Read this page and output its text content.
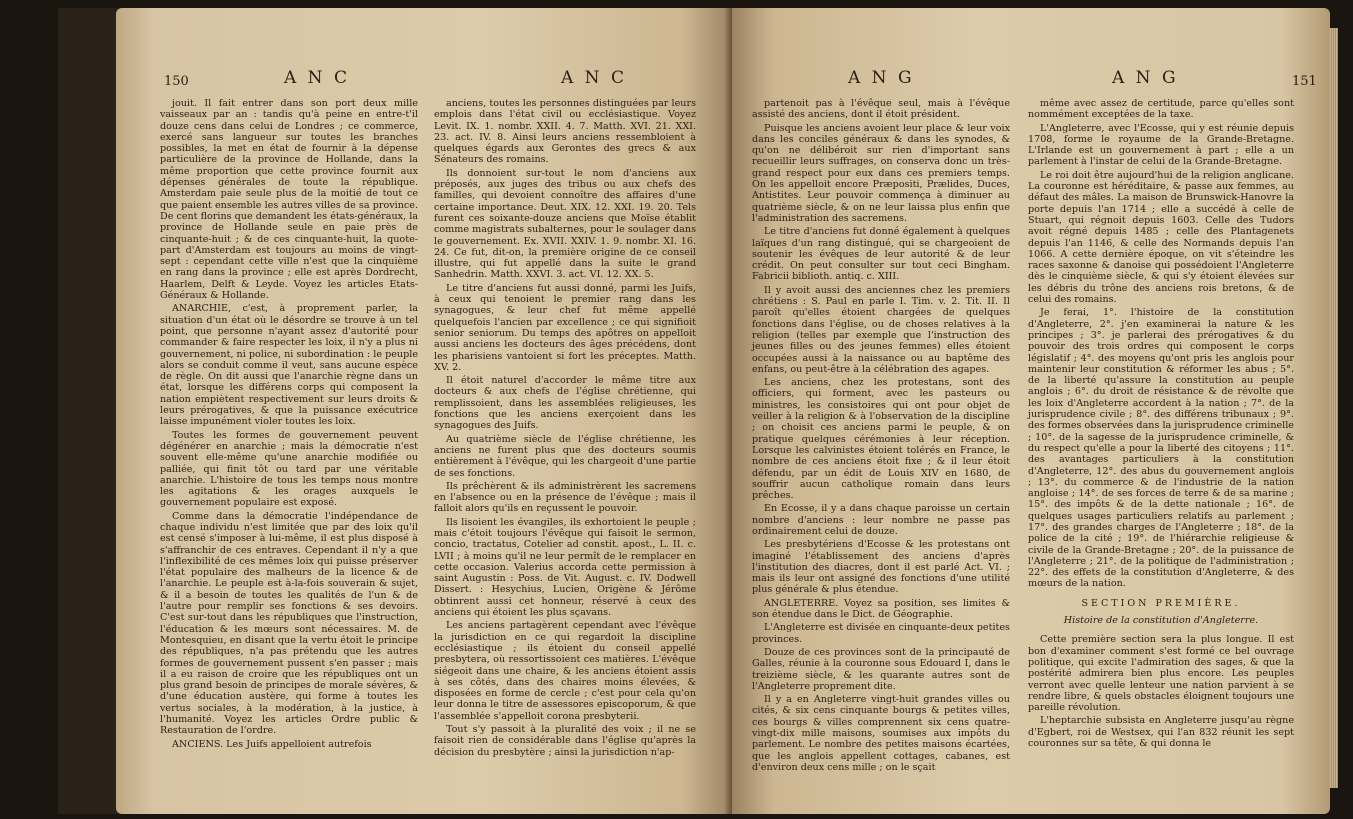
150	A N C	A N C

jouit. Il fait entrer dans son port deux mille vaisseaux par an : tandis qu'à peine en entre-t'il douze cens dans celui de Londres ; ce commerce, exercé sans langueur sur toutes les branches possibles, la met en état de fournir à la dépense particulière de la province de Hollande, dans la même proportion que cette province fournit aux dépenses générales de toute la république. Amsterdam paie seule plus de la moitié de tout ce que paient ensemble les autres villes de sa province. De cent florins que demandent les états-généraux, la province de Hollande seule en paie près de cinquante-huit ; & de ces cinquante-huit, la quote-part d'Amsterdam est toujours au moins de vingt-sept : cependant cette ville n'est que la cinquième en rang dans la province ; elle est après Dordrecht, Haarlem, Delft & Leyde. Voyez les articles Etats-Généraux & Hollande.

ANARCHIE, c'est, à proprement parler, la situation d'un état où le désordre se trouve à un tel point, que personne n'ayant assez d'autorité pour commander & faire respecter les loix, il n'y a plus ni gouvernement, ni police, ni subordination : le peuple alors se conduit comme il veut, sans aucune espèce de règle. On dit aussi que l'anarchie règne dans un état, lorsque les différens corps qui composent la nation empiètent respectivement sur leurs droits & leurs prérogatives, & que la puissance exécutrice laisse impunément violer toutes les loix.

Toutes les formes de gouvernement peuvent dégénérer en anarchie ; mais la démocratie n'est souvent elle-même qu'une anarchie modifiée ou palliée, qui finit tôt ou tard par une véritable anarchie. L'histoire de tous les temps nous montre les agitations & les orages auxquels le gouvernement populaire est exposé.

Comme dans la démocratie l'indépendance de chaque individu n'est limitée que par des loix qu'il est censé s'imposer à lui-même, il est plus disposé à s'affranchir de ces entraves. Cependant il n'y a que l'inflexibilité de ces mêmes loix qui puisse préserver l'état populaire des malheurs de la licence & de l'anarchie. Le peuple est à-la-fois souverain & sujet, & il a besoin de toutes les qualités de l'un & de l'autre pour remplir ses fonctions & ses devoirs. C'est sur-tout dans les républiques que l'instruction, l'éducation & les mœurs sont nécessaires. M. de Montesquieu, en disant que la vertu étoit le principe des républiques, n'a pas prétendu que les autres formes de gouvernement pussent s'en passer ; mais il a eu raison de croire que les républiques ont un plus grand besoin de principes de morale sévères, & d'une éducation austère, qui forme à toutes les vertus sociales, à la modération, à la justice, à l'humanité. Voyez les articles Ordre public & Restauration de l'ordre.

ANCIENS. Les Juifs appelloient autrefois

anciens, toutes les personnes distinguées par leurs emplois dans l'état civil ou ecclésiastique. Voyez Levit. IX. 1. nombr. XXII. 4. 7. Matth. XVI. 21. XXI. 23. act. IV. 8. Ainsi leurs anciens ressembloient à quelques égards aux Gerontes des grecs & aux Sénateurs des romains.

Ils donnoient sur-tout le nom d'anciens aux préposés, aux juges des tribus ou aux chefs des familles, qui devoient connoître des affaires d'une certaine importance. Deut. XIX. 12. XXI. 19. 20. Tels furent ces soixante-douze anciens que Moïse établit comme magistrats subalternes, pour le soulager dans le gouvernement. Ex. XVII. XXIV. 1. 9. nombr. XI. 16. 24. Ce fut, dit-on, la première origine de ce conseil illustre, qui fut appellé dans la suite le grand Sanhedrin. Matth. XXVI. 3. act. VI. 12. XX. 5.

Le titre d'anciens fut aussi donné, parmi les Juifs, à ceux qui tenoient le premier rang dans les synagogues, & leur chef fut même appellé quelquefois l'ancien par excellence ; ce qui signifioit senior seniorum. Du temps des apôtres on appelloit aussi anciens les docteurs des âges précédens, dont les pharisiens vantoient si fort les préceptes. Matth. XV. 2.

Il étoit naturel d'accorder le même titre aux docteurs & aux chefs de l'église chrétienne, qui remplissoient, dans les assemblées religieuses, les fonctions que les anciens exerçoient dans les synagogues des Juifs.

Au quatrième siècle de l'église chrétienne, les anciens ne furent plus que des docteurs soumis entièrement à l'évêque, qui les chargeoit d'une partie de ses fonctions.

Ils prêchèrent & ils administrèrent les sacremens en l'absence ou en la présence de l'évêque ; mais il falloit alors qu'ils en reçussent le pouvoir.

Ils lisoient les évangiles, ils exhortoient le peuple ; mais c'étoit toujours l'évêque qui faisoit le sermon, concio, tractatus, Cotelier ad constit. apost., L. II. c. LVII ; à moins qu'il ne leur permît de le remplacer en cette occasion. Valerius accorda cette permission à saint Augustin : Poss. de Vit. August. c. IV. Dodwell Dissert. : Hesychius, Lucien, Origène & Jérôme obtinrent aussi cet honneur, réservé à ceux des anciens qui étoient les plus sçavans.

Les anciens partagèrent cependant avec l'évêque la jurisdiction en ce qui regardoit la discipline ecclésiastique ; ils étoient du conseil appellé presbytera, où ressortissoient ces matières. L'évêque siégeoit dans une chaire, & les anciens étoient assis à ses côtés, dans des chaires moins élevées, & disposées en forme de cercle ; c'est pour cela qu'on leur donna le titre de assessores episcoporum, & que l'assemblée s'appelloit corona presbyterii.

Tout s'y passoit à la pluralité des voix ; il ne se faisoit rien de considérable dans l'église qu'après la décision du presbytère ; ainsi la jurisdiction n'ap-

151
A N G	A N G

partenoit pas à l'évêque seul, mais à l'évêque assisté des anciens, dont il étoit président.

Puisque les anciens avoient leur place & leur voix dans les conciles généraux & dans les synodes, & qu'on ne délibéroit sur rien d'important sans recueillir leurs suffrages, on conserva donc un très-grand respect pour eux dans ces premiers temps. On les appelloit encore Præpositi, Prælides, Duces, Antistites. Leur pouvoir commença à diminuer au quatrième siècle, & on ne leur laissa plus enfin que l'administration des sacremens.

Le titre d'anciens fut donné également à quelques laïques d'un rang distingué, qui se chargeoient de soutenir les évêques de leur autorité & de leur crédit. On peut consulter sur tout ceci Bingham. Fabricii biblioth. antiq. c. XIII.

Il y avoit aussi des anciennes chez les premiers chrétiens : S. Paul en parle I. Tim. v. 2. Tit. II. Il paroît qu'elles étoient chargées de quelques fonctions dans l'église, ou de choses relatives à la religion (telles par exemple que l'instruction des jeunes filles ou des jeunes femmes) elles étoient occupées aussi à la naissance ou au baptême des enfans, ou peut-être à la célébration des agapes.

Les anciens, chez les protestans, sont des officiers, qui forment, avec les pasteurs ou ministres, les consistoires qui ont pour objet de veiller à la religion & à l'observation de la discipline ; on choisit ces anciens parmi le peuple, & on pratique quelques cérémonies à leur réception. Lorsque les calvinistes étoient tolérés en France, le nombre de ces anciens étoit fixe ; & il leur étoit défendu, par un édit de Louis XIV en 1680, de souffrir aucun catholique romain dans leurs prêches.

En Ecosse, il y a dans chaque paroisse un certain nombre d'anciens : leur nombre ne passe pas ordinairement celui de douze.

Les presbytériens d'Ecosse & les protestans ont imaginé l'établissement des anciens d'après l'institution des diacres, dont il est parlé Act. VI. ; mais ils leur ont assigné des fonctions d'une utilité plus générale & plus étendue.

ANGLETERRE. Voyez sa position, ses limites & son étendue dans le Dict. de Géographie.

L'Angleterre est divisée en cinquante-deux petites provinces.

Douze de ces provinces sont de la principauté de Galles, réunie à la couronne sous Edouard I, dans le treizième siècle, & les quarante autres sont de l'Angleterre proprement dite.

Il y a en Angleterre vingt-huit grandes villes ou cités, & six cens cinquante bourgs & petites villes, ces bourgs & villes comprennent six cens quatre-vingt-dix mille maisons, soumises aux impôts du parlement. Le nombre des petites maisons écartées, que les anglois appellent cottages, cabanes, est d'environ deux cens mille ; on le sçait

même avec assez de certitude, parce qu'elles sont nommément exceptées de la taxe.

L'Angleterre, avec l'Ecosse, qui y est réunie depuis 1708, forme le royaume de la Grande-Bretagne. L'Irlande est un gouvernement à part ; elle a un parlement à l'instar de celui de la Grande-Bretagne.

Le roi doit être aujourd'hui de la religion anglicane. La couronne est héréditaire, & passe aux femmes, au défaut des mâles. La maison de Brunswick-Hanovre la porte depuis l'an 1714 ; elle a succédé à celle de Stuart, qui régnoit depuis 1603. Celle des Tudors avoit régné depuis 1485 ; celle des Plantagenets depuis l'an 1146, & celle des Normands depuis l'an 1066. A cette dernière époque, on vit s'éteindre les races saxonne & danoise qui possédoient l'Angleterre dès le cinquième siècle, & qui s'y étoient élevées sur les débris du trône des anciens rois bretons, & de celui des romains.

Je ferai, 1°. l'histoire de la constitution d'Angleterre, 2°. j'en examinerai la nature & les principes ; 3°. je parlerai des prérogatives & du pouvoir des trois ordres qui composent le corps législatif ; 4°. des moyens qu'ont pris les anglois pour maintenir leur constitution & réformer les abus ; 5°. de la liberté qu'assure la constitution au peuple anglois ; 6°. du droit de résistance & de révolte que les loix d'Angleterre accordent à la nation ; 7°. de la jurisprudence civile ; 8°. des différens tribunaux ; 9°. des formes observées dans la jurisprudence criminelle ; 10°. de la sagesse de la jurisprudence criminelle, & du respect qu'elle a pour la liberté des citoyens ; 11°. des avantages particuliers à la constitution d'Angleterre, 12°. des abus du gouvernement anglois ; 13°. du commerce & de l'industrie de la nation angloise ; 14°. de ses forces de terre & de sa marine ; 15°. des impôts & de la dette nationale ; 16°. de quelques usages particuliers relatifs au parlement ; 17°. des grandes charges de l'Angleterre ; 18°. de la police de la cité ; 19°. de l'hiérarchie religieuse & civile de la Grande-Bretagne ; 20°. de la puissance de l'Angleterre ; 21°. de la politique de l'administration ; 22°. des effets de la constitution d'Angleterre, & des mœurs de la nation.

SECTION PREMIÈRE.

Histoire de la constitution d'Angleterre.

Cette première section sera la plus longue. Il est bon d'examiner comment s'est formé ce bel ouvrage politique, qui excite l'admiration des sages, & que la postérité admirera bien plus encore. Les peuples verront avec quelle lenteur une nation parvient à se rendre libre, & quels obstacles éloignent toujours une pareille révolution.

L'heptarchie subsista en Angleterre jusqu'au règne d'Egbert, roi de Westsex, qui l'an 832 réunit les sept couronnes sur sa tête, & qui donna le
